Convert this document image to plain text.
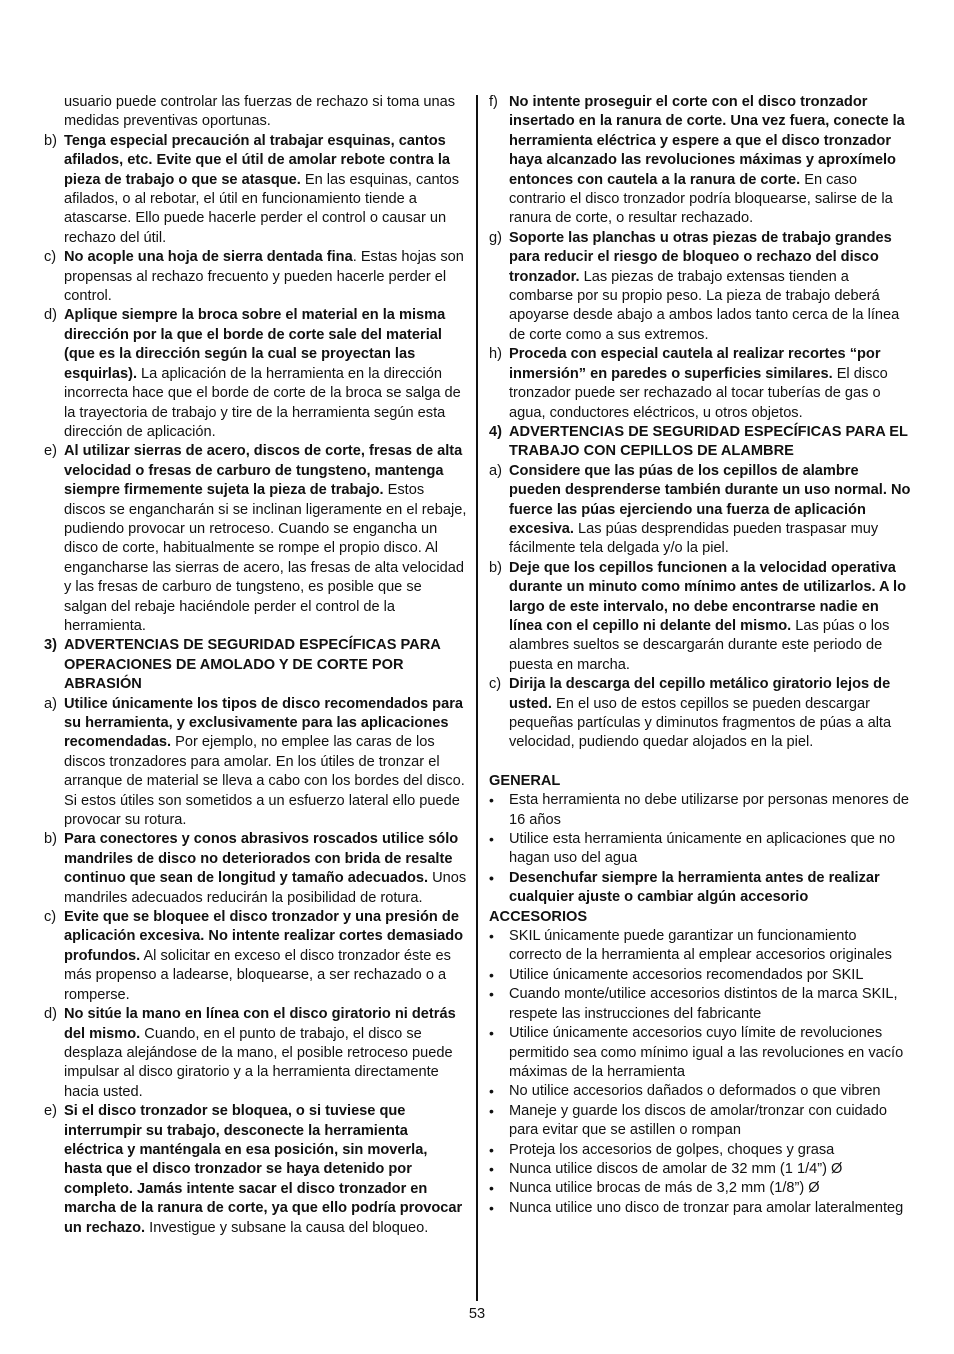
usuario puede controlar las fuerzas de rechazo si toma unas medidas preventivas oportunas.
b) Tenga especial precaución al trabajar esquinas, cantos afilados, etc. Evite que el útil de amolar rebote contra la pieza de trabajo o que se atasque. En las esquinas, cantos afilados, o al rebotar, el útil en funcionamiento tiende a atascarse. Ello puede hacerle perder el control o causar un rechazo del útil.
c) No acople una hoja de sierra dentada fina. Estas hojas son propensas al rechazo frecuento y pueden hacerle perder el control.
d) Aplique siempre la broca sobre el material en la misma dirección por la que el borde de corte sale del material (que es la dirección según la cual se proyectan las esquirlas). La aplicación de la herramienta en la dirección incorrecta hace que el borde de corte de la broca se salga de la trayectoria de trabajo y tire de la herramienta según esta dirección de aplicación.
e) Al utilizar sierras de acero, discos de corte, fresas de alta velocidad o fresas de carburo de tungsteno, mantenga siempre firmemente sujeta la pieza de trabajo. Estos discos se engancharán si se inclinan ligeramente en el rebaje, pudiendo provocar un retroceso. Cuando se engancha un disco de corte, habitualmente se rompe el propio disco. Al engancharse las sierras de acero, las fresas de alta velocidad y las fresas de carburo de tungsteno, es posible que se salgan del rebaje haciéndole perder el control de la herramienta.
3) ADVERTENCIAS DE SEGURIDAD ESPECÍFICAS PARA OPERACIONES DE AMOLADO Y DE CORTE POR ABRASIÓN
a) Utilice únicamente los tipos de disco recomendados para su herramienta, y exclusivamente para las aplicaciones recomendadas. Por ejemplo, no emplee las caras de los discos tronzadores para amolar. En los útiles de tronzar el arranque de material se lleva a cabo con los bordes del disco. Si estos útiles son sometidos a un esfuerzo lateral ello puede provocar su rotura.
b) Para conectores y conos abrasivos roscados utilice sólo mandriles de disco no deteriorados con brida de resalte continuo que sean de longitud y tamaño adecuados. Unos mandriles adecuados reducirán la posibilidad de rotura.
c) Evite que se bloquee el disco tronzador y una presión de aplicación excesiva. No intente realizar cortes demasiado profundos. Al solicitar en exceso el disco tronzador éste es más propenso a ladearse, bloquearse, a ser rechazado o a romperse.
d) No sitúe la mano en línea con el disco giratorio ni detrás del mismo. Cuando, en el punto de trabajo, el disco se desplaza alejándose de la mano, el posible retroceso puede impulsar al disco giratorio y a la herramienta directamente hacia usted.
e) Si el disco tronzador se bloquea, o si tuviese que interrumpir su trabajo, desconecte la herramienta eléctrica y manténgala en esa posición, sin moverla, hasta que el disco tronzador se haya detenido por completo. Jamás intente sacar el disco tronzador en marcha de la ranura de corte, ya que ello podría provocar un rechazo. Investigue y subsane la causa del bloqueo.
f) No intente proseguir el corte con el disco tronzador insertado en la ranura de corte. Una vez fuera, conecte la herramienta eléctrica y espere a que el disco tronzador haya alcanzado las revoluciones máximas y aproxímelo entonces con cautela a la ranura de corte. En caso contrario el disco tronzador podría bloquearse, salirse de la ranura de corte, o resultar rechazado.
g) Soporte las planchas u otras piezas de trabajo grandes para reducir el riesgo de bloqueo o rechazo del disco tronzador. Las piezas de trabajo extensas tienden a combarse por su propio peso. La pieza de trabajo deberá apoyarse desde abajo a ambos lados tanto cerca de la línea de corte como a sus extremos.
h) Proceda con especial cautela al realizar recortes “por inmersión” en paredes o superficies similares. El disco tronzador puede ser rechazado al tocar tuberías de gas o agua, conductores eléctricos, u otros objetos.
4) ADVERTENCIAS DE SEGURIDAD ESPECÍFICAS PARA EL TRABAJO CON CEPILLOS DE ALAMBRE
a) Considere que las púas de los cepillos de alambre pueden desprenderse también durante un uso normal. No fuerce las púas ejerciendo una fuerza de aplicación excesiva. Las púas desprendidas pueden traspasar muy fácilmente tela delgada y/o la piel.
b) Deje que los cepillos funcionen a la velocidad operativa durante un minuto como mínimo antes de utilizarlos. A lo largo de este intervalo, no debe encontrarse nadie en línea con el cepillo ni delante del mismo. Las púas o los alambres sueltos se descargarán durante este periodo de puesta en marcha.
c) Dirija la descarga del cepillo metálico giratorio lejos de usted. En el uso de estos cepillos se pueden descargar pequeñas partículas y diminutos fragmentos de púas a alta velocidad, pudiendo quedar alojados en la piel.
GENERAL
•	Esta herramienta no debe utilizarse por personas menores de 16 años
•	Utilice esta herramienta únicamente en aplicaciones que no hagan uso del agua
•	Desenchufar siempre la herramienta antes de realizar cualquier ajuste o cambiar algún accesorio
ACCESORIOS
•	SKIL únicamente puede garantizar un funcionamiento correcto de la herramienta al emplear accesorios originales
•	Utilice únicamente accesorios recomendados por SKIL
•	Cuando monte/utilice accesorios distintos de la marca SKIL, respete las instrucciones del fabricante
•	Utilice únicamente accesorios cuyo límite de revoluciones permitido sea como mínimo igual a las revoluciones en vacío máximas de la herramienta
•	No utilice accesorios dañados o deformados o que vibren
•	Maneje y guarde los discos de amolar/tronzar con cuidado para evitar que se astillen o rompan
•	Proteja los accesorios de golpes, choques y grasa
•	Nunca utilice discos de amolar de 32 mm (1 1/4”) Ø
•	Nunca utilice brocas de más de 3,2 mm (1/8”) Ø
•	Nunca utilice uno disco de tronzar para amolar lateralmenteg
53
